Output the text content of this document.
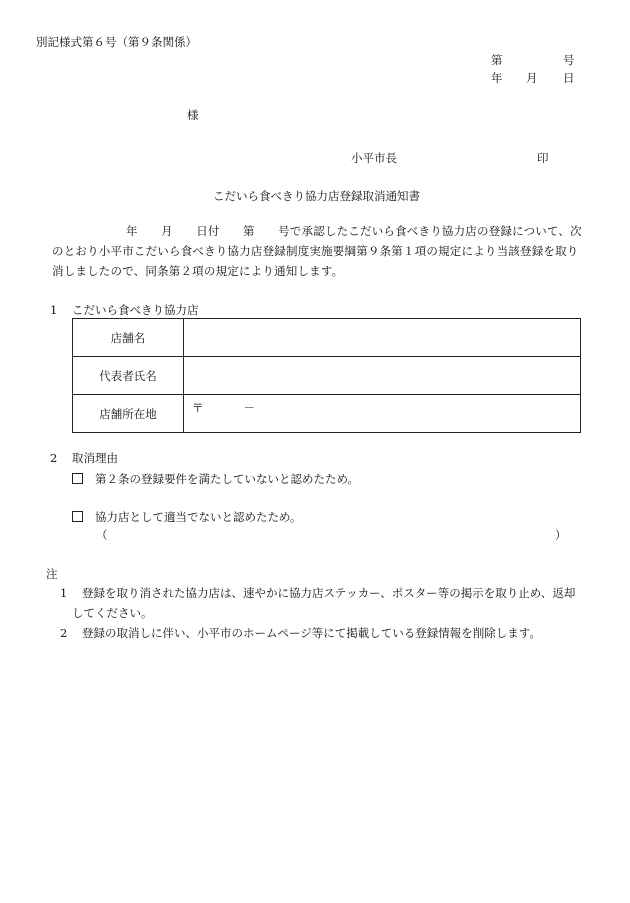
別記様式第６号（第９条関係）
第	号
年 月 日
様
小平市長	印
こだいら食べきり協力店登録取消通知書
年　　月　　日付　　第　　号で承認したこだいら食べきり協力店の登録について、次
のとおり小平市こだいら食べきり協力店登録制度実施要綱第９条第１項の規定により当該登録を取り
消しましたので、同条第２項の規定により通知します。
1 こだいら食べきり協力店
店舗名	
代表者氏名	
店舗所在地	〒 －
2 取消理由
第２条の登録要件を満たしていないと認めたため。
協力店として適当でないと認めたため。
（	）
注
1 登録を取り消された協力店は、速やかに協力店ステッカー、ポスター等の掲示を取り止め、返却
してください。
2 登録の取消しに伴い、小平市のホームページ等にて掲載している登録情報を削除します。
